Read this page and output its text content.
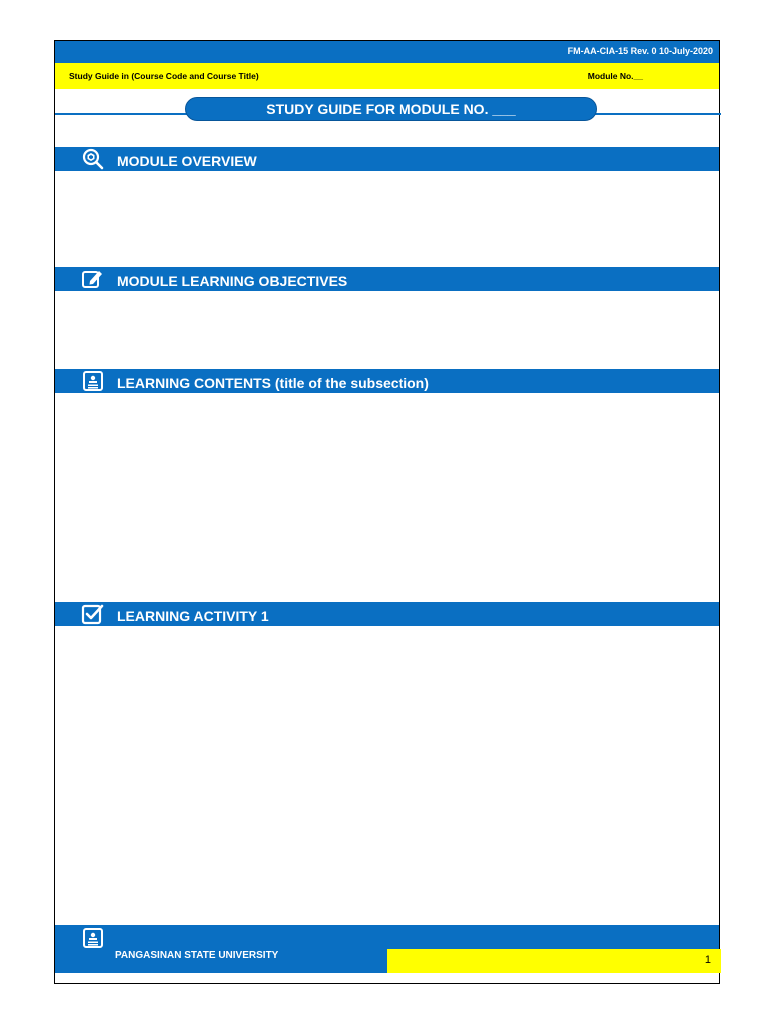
FM-AA-CIA-15 Rev. 0 10-July-2020
Study Guide in (Course Code and Course Title)	Module No.__
STUDY GUIDE FOR MODULE NO. ___
MODULE OVERVIEW
MODULE LEARNING OBJECTIVES
LEARNING CONTENTS (title of the subsection)
LEARNING ACTIVITY 1
PANGASINAN STATE UNIVERSITY	1
